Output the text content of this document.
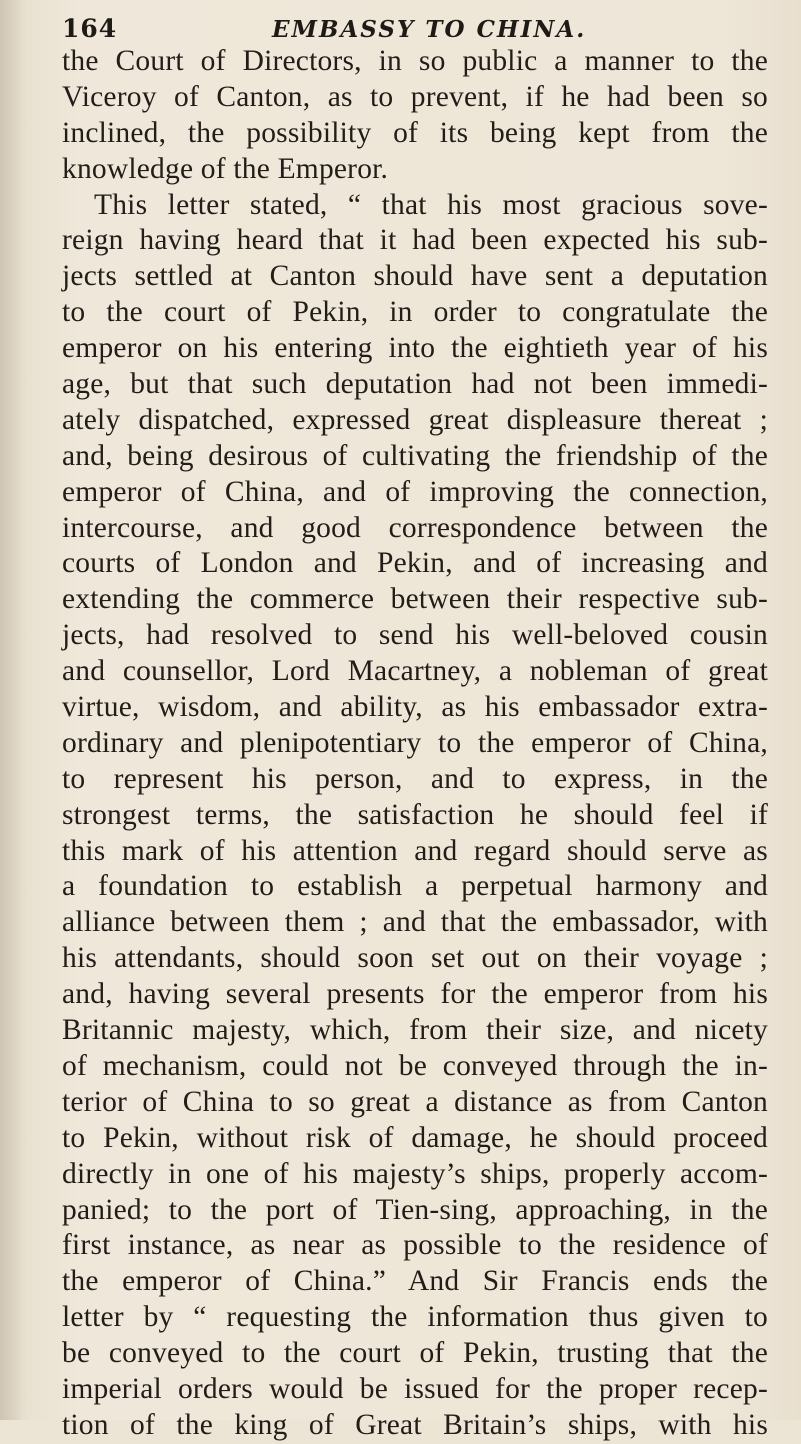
164	EMBASSY TO CHINA.
the Court of Directors, in so public a manner to the
Viceroy of Canton, as to prevent, if he had been so
inclined, the possibility of its being kept from the
knowledge of the Emperor.
This letter stated, “ that his most gracious sove-
reign having heard that it had been expected his sub-
jects settled at Canton should have sent a deputation
to the court of Pekin, in order to congratulate the
emperor on his entering into the eightieth year of his
age, but that such deputation had not been immedi-
ately dispatched, expressed great displeasure thereat ;
and, being desirous of cultivating the friendship of the
emperor of China, and of improving the connection,
intercourse, and good correspondence between the
courts of London and Pekin, and of increasing and
extending the commerce between their respective sub-
jects, had resolved to send his well-beloved cousin
and counsellor, Lord Macartney, a nobleman of great
virtue, wisdom, and ability, as his embassador extra-
ordinary and plenipotentiary to the emperor of China,
to represent his person, and to express, in the
strongest terms, the satisfaction he should feel if
this mark of his attention and regard should serve as
a foundation to establish a perpetual harmony and
alliance between them ; and that the embassador, with
his attendants, should soon set out on their voyage ;
and, having several presents for the emperor from his
Britannic majesty, which, from their size, and nicety
of mechanism, could not be conveyed through the in-
terior of China to so great a distance as from Canton
to Pekin, without risk of damage, he should proceed
directly in one of his majesty’s ships, properly accom-
panied; to the port of Tien-sing, approaching, in the
first instance, as near as possible to the residence of
the emperor of China.” And Sir Francis ends the
letter by “ requesting the information thus given to
be conveyed to the court of Pekin, trusting that the
imperial orders would be issued for the proper recep-
tion of the king of Great Britain’s ships, with his
